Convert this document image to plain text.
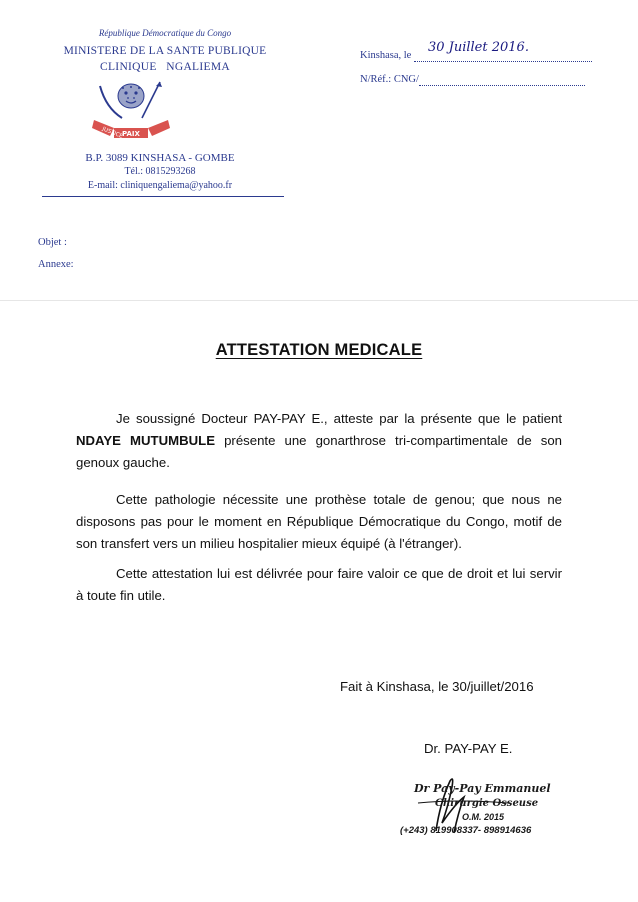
République Démocratique du Congo
MINISTERE DE LA SANTE PUBLIQUE
CLINIQUE   NGALIEMA
JUSTICE
PAIX
TRAVAIL
B.P. 3089 KINSHASA - GOMBE
Tél.: 0815293268
E-mail: cliniquengaliema@yahoo.fr
Kinshasa, le
30 Juillet 2016.

N/Réf.: CNG/
Objet :
Annexe:
ATTESTATION MEDICALE
Je soussigné Docteur PAY-PAY E., atteste par la présente que le patient NDAYE MUTUMBULE présente une gonarthrose tri-compartimentale de son genoux gauche.
Cette pathologie nécessite une prothèse totale de genou; que nous ne disposons pas pour le moment en République Démocratique du Congo, motif de son transfert vers un milieu hospitalier mieux équipé (à l'étranger).
Cette attestation lui est délivrée pour faire valoir ce que de droit et lui servir à toute fin utile.
Fait à Kinshasa, le 30/juillet/2016
Dr. PAY-PAY E.
Dr Pay-Pay Emmanuel
Chirurgie Osseuse
O.M. 2015
(+243) 819908337- 898914636
